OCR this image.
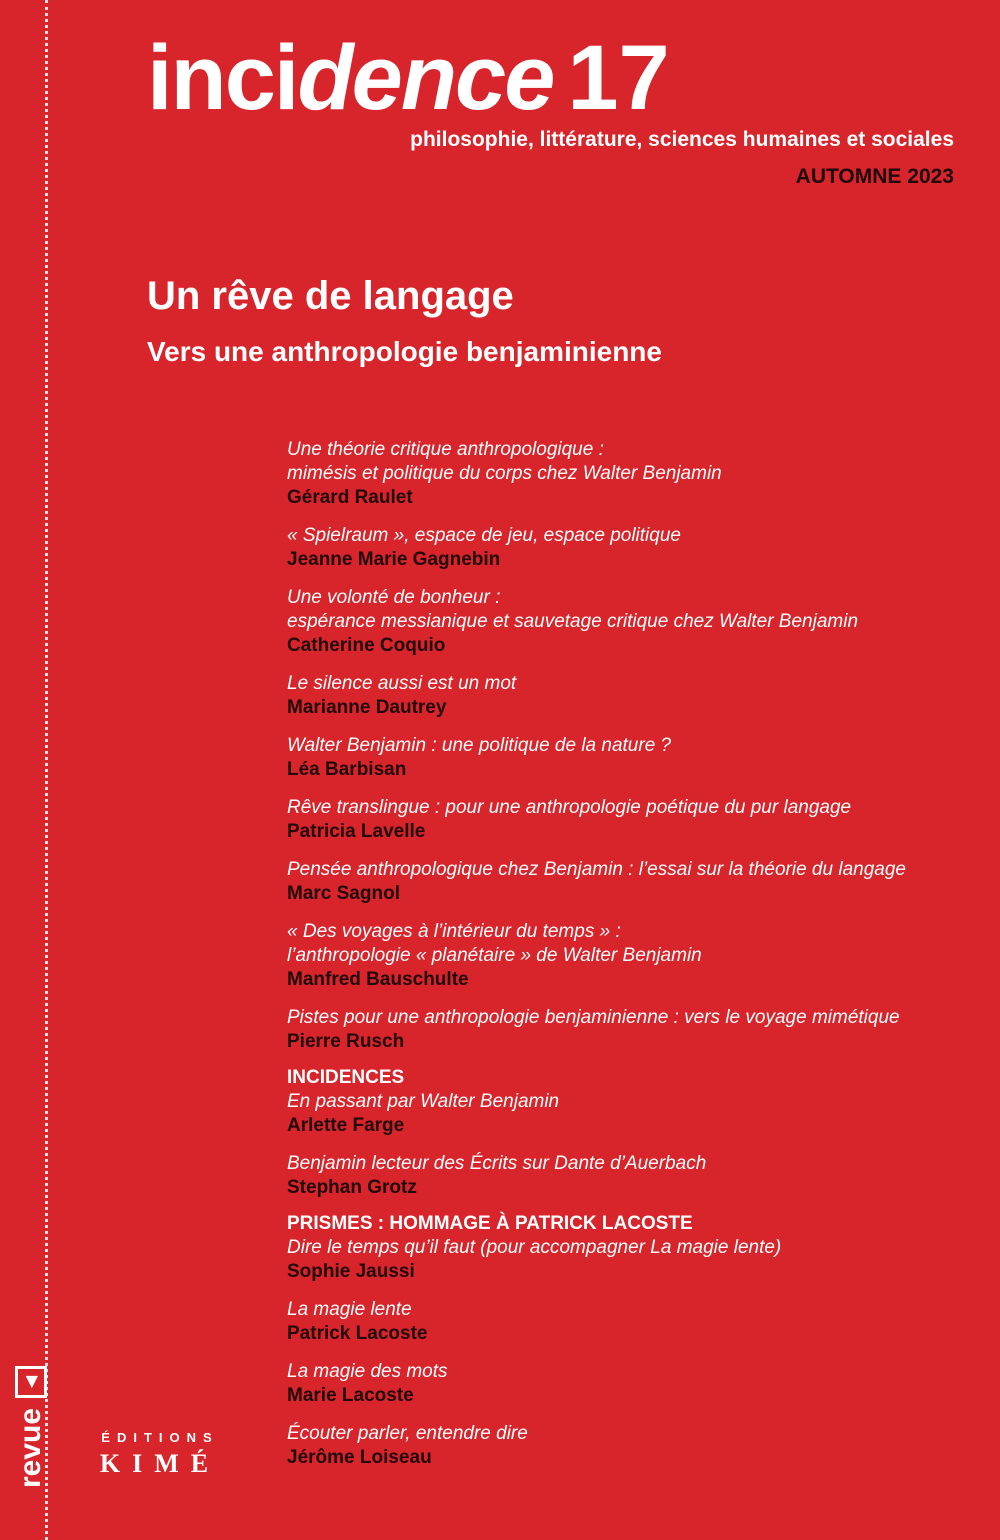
revue
◀
incidence 17
philosophie, littérature, sciences humaines et sociales
AUTOMNE 2023
Un rêve de langage
Vers une anthropologie benjaminienne
Une théorie critique anthropologique :
mimésis et politique du corps chez Walter Benjamin
Gérard Raulet
« Spielraum », espace de jeu, espace politique
Jeanne Marie Gagnebin
Une volonté de bonheur :
espérance messianique et sauvetage critique chez Walter Benjamin
Catherine Coquio
Le silence aussi est un mot
Marianne Dautrey
Walter Benjamin : une politique de la nature ?
Léa Barbisan
Rêve translingue : pour une anthropologie poétique du pur langage
Patricia Lavelle
Pensée anthropologique chez Benjamin : l’essai sur la théorie du langage
Marc Sagnol
« Des voyages à l’intérieur du temps » :
l’anthropologie « planétaire » de Walter Benjamin
Manfred Bauschulte
Pistes pour une anthropologie benjaminienne : vers le voyage mimétique
Pierre Rusch
INCIDENCES
En passant par Walter Benjamin
Arlette Farge
Benjamin lecteur des Écrits sur Dante d’Auerbach
Stephan Grotz
PRISMES : HOMMAGE À PATRICK LACOSTE
Dire le temps qu’il faut (pour accompagner La magie lente)
Sophie Jaussi
La magie lente
Patrick Lacoste
La magie des mots
Marie Lacoste
Écouter parler, entendre dire
Jérôme Loiseau
ÉDITIONS
KIMÉ
